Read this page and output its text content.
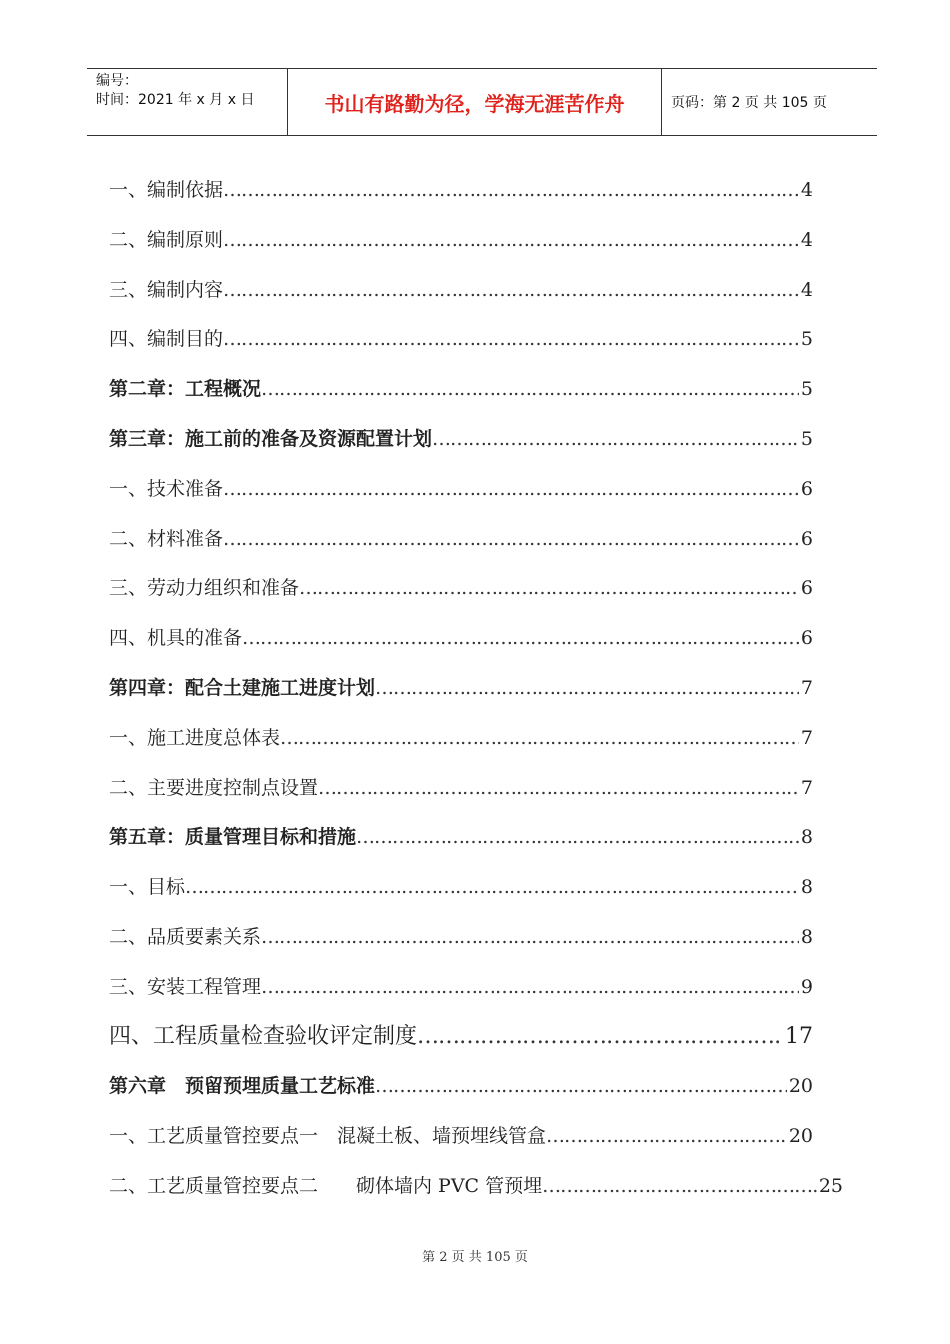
编号：
时间：2021 年 x 月 x 日	书山有路勤为径，学海无涯苦作舟	页码：第 2 页 共 105 页
一、编制依据 …………………………………………………………………………………………………………………………………………………………………………………………	4
二、编制原则 …………………………………………………………………………………………………………………………………………………………………………………………	4
三、编制内容 …………………………………………………………………………………………………………………………………………………………………………………………	4
四、编制目的 …………………………………………………………………………………………………………………………………………………………………………………………	5
第二章：工程概况 …………………………………………………………………………………………………………………………………………………………………………………………	5
第三章：施工前的准备及资源配置计划 …………………………………………………………………………………………………………………………………………………………………………………………	5
一、技术准备 …………………………………………………………………………………………………………………………………………………………………………………………	6
二、材料准备 …………………………………………………………………………………………………………………………………………………………………………………………	6
三、劳动力组织和准备 …………………………………………………………………………………………………………………………………………………………………………………………	6
四、机具的准备 …………………………………………………………………………………………………………………………………………………………………………………………	6
第四章：配合土建施工进度计划 …………………………………………………………………………………………………………………………………………………………………………………………	7
一、施工进度总体表 …………………………………………………………………………………………………………………………………………………………………………………………	7
二、主要进度控制点设置 …………………………………………………………………………………………………………………………………………………………………………………………	7
第五章：质量管理目标和措施 …………………………………………………………………………………………………………………………………………………………………………………………	8
一、目标 …………………………………………………………………………………………………………………………………………………………………………………………	8
二、品质要素关系 …………………………………………………………………………………………………………………………………………………………………………………………	8
三、安装工程管理 …………………………………………………………………………………………………………………………………………………………………………………………	9
四、工程质量检查验收评定制度 …………………………………………………………………………………………………………………………………………………………………………………………	17
第六章　预留预埋质量工艺标准 …………………………………………………………………………………………………………………………………………………………………………………………	20
一、工艺质量管控要点一　混凝土板、墙预埋线管盒 …………………………………………………………………………………………………………………………………………………………………………………………	20
二、工艺质量管控要点二　　砌体墙内 PVC 管预埋 …………………………………………………………………………………………………………………………………………………………………………………………	25
第 2 页 共 105 页
